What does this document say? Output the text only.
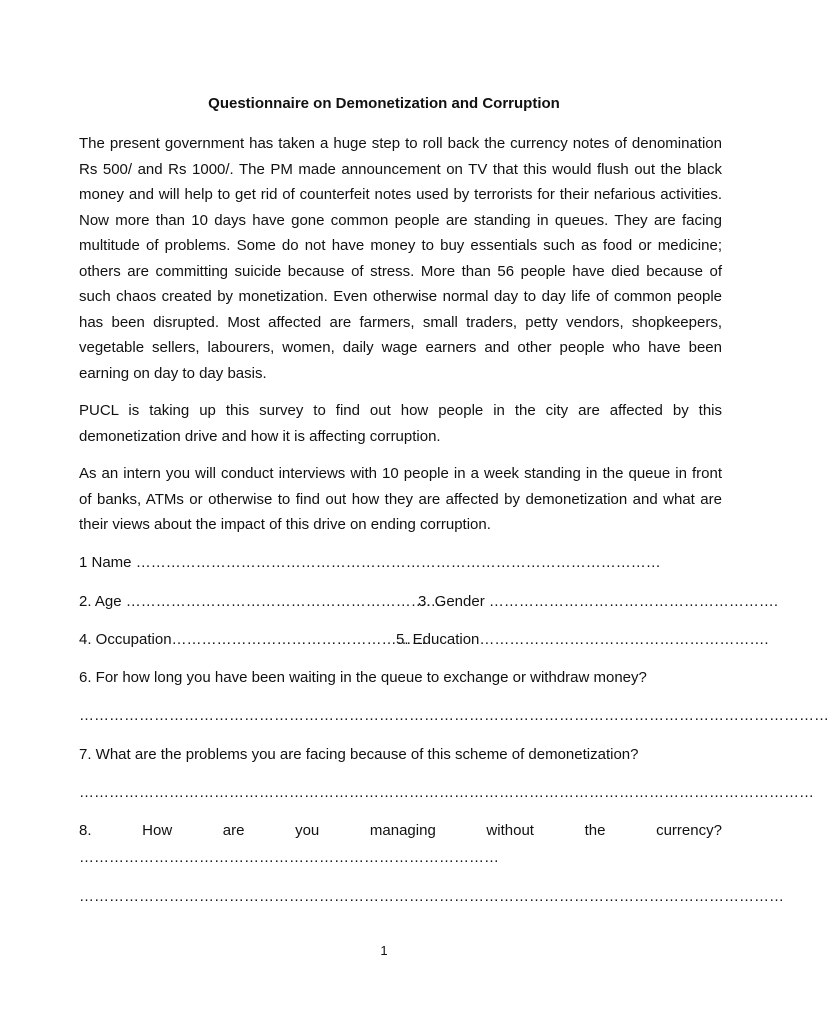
Questionnaire on Demonetization and Corruption

The present government has taken a huge step to roll back the currency notes of denomination Rs 500/ and Rs 1000/. The PM made announcement on TV that this would flush out the black money and will help to get rid of counterfeit notes used by terrorists for their nefarious activities. Now more than 10 days have gone common people are standing in queues. They are facing multitude of problems. Some do not have money to buy essentials such as food or medicine; others are committing suicide because of stress. More than 56 people have died because of such chaos created by monetization. Even otherwise normal day to day life of common people has been disrupted. Most affected are farmers, small traders, petty vendors, shopkeepers, vegetable sellers, labourers, women, daily wage earners and other people who have been earning on day to day basis.

PUCL is taking up this survey to find out how people in the city are affected by this demonetization drive and how it is affecting corruption.

As an intern you will conduct interviews with 10 people in a week standing in the queue in front of banks, ATMs or otherwise to find out how they are affected by demonetization and what are their views about the impact of this drive on ending corruption.

1 Name ……………………………………………………………………………………………
2. Age ……………………………………………………….
3. Gender ………………………………………………….
4. Occupation……………………………………………
5. Education………………………………………………….
6. For how long you have been waiting in the queue to exchange or withdraw money?
……………………………………………………………………………………………………………………………………
7. What are the problems you are facing because of this scheme of demonetization?
…………………………………………………………………………………………………………………………………
8.	How	are	you	managing	without	the	currency?
…………………………………………………………………………
……………………………………………………………………………………………………………………………
1
